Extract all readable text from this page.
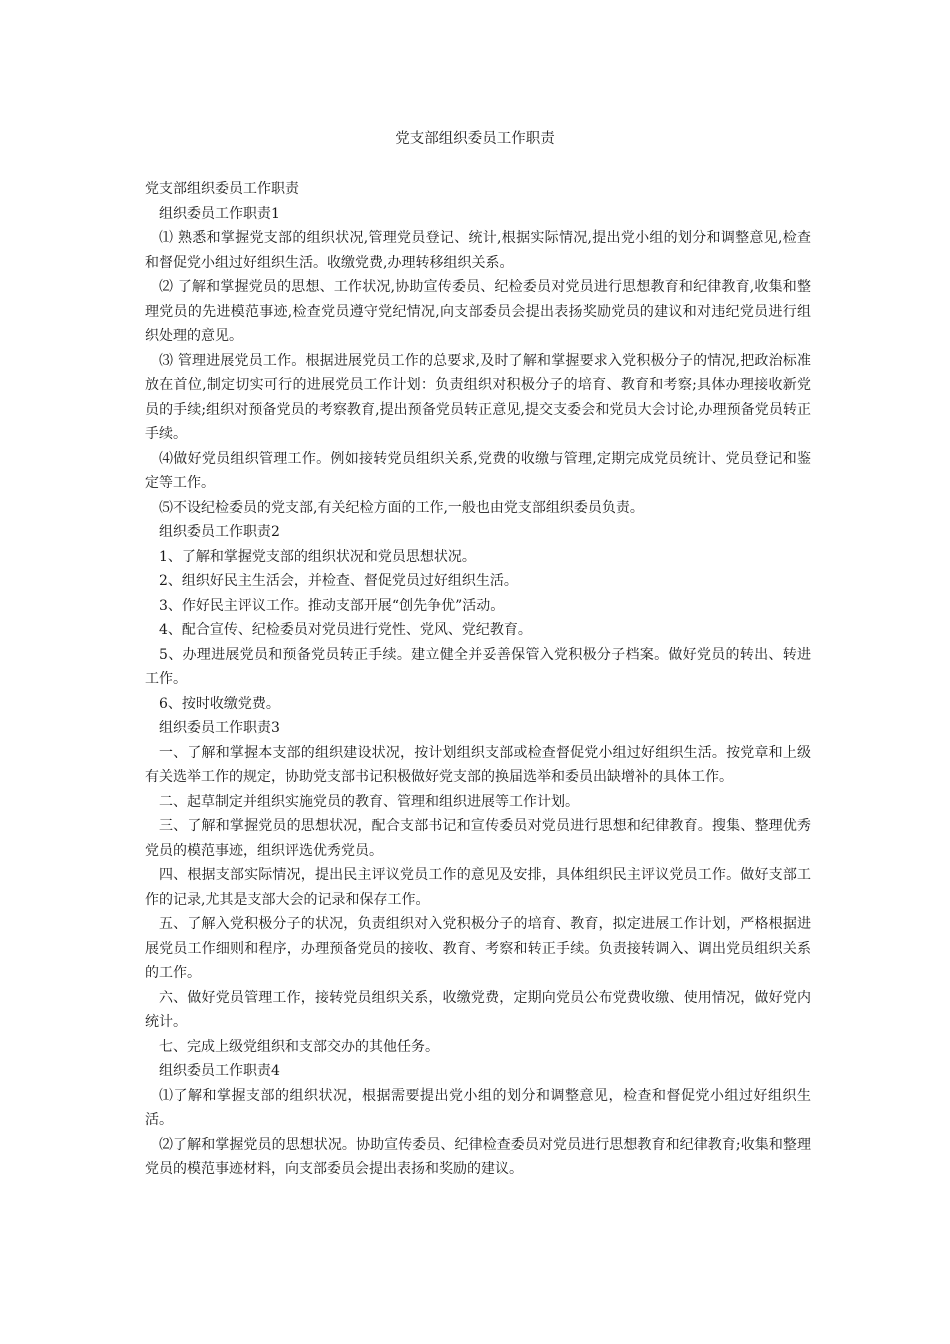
党支部组织委员工作职责

党支部组织委员工作职责

组织委员工作职责1

⑴ 熟悉和掌握党支部的组织状况,管理党员登记、统计,根据实际情况,提出党小组的划分和调整意见,检查和督促党小组过好组织生活。收缴党费,办理转移组织关系。

⑵ 了解和掌握党员的思想、工作状况,协助宣传委员、纪检委员对党员进行思想教育和纪律教育,收集和整理党员的先进模范事迹,检查党员遵守党纪情况,向支部委员会提出表扬奖励党员的建议和对违纪党员进行组织处理的意见。

⑶ 管理进展党员工作。根据进展党员工作的总要求,及时了解和掌握要求入党积极分子的情况,把政治标准放在首位,制定切实可行的进展党员工作计划：负责组织对积极分子的培育、教育和考察;具体办理接收新党员的手续;组织对预备党员的考察教育,提出预备党员转正意见,提交支委会和党员大会讨论,办理预备党员转正手续。

⑷做好党员组织管理工作。例如接转党员组织关系,党费的收缴与管理,定期完成党员统计、党员登记和鉴定等工作。

⑸不设纪检委员的党支部,有关纪检方面的工作,一般也由党支部组织委员负责。

组织委员工作职责2

1、了解和掌握党支部的组织状况和党员思想状况。

2、组织好民主生活会，并检查、督促党员过好组织生活。

3、作好民主评议工作。推动支部开展“创先争优”活动。

4、配合宣传、纪检委员对党员进行党性、党风、党纪教育。

5、办理进展党员和预备党员转正手续。建立健全并妥善保管入党积极分子档案。做好党员的转出、转进工作。

6、按时收缴党费。

组织委员工作职责3

一、了解和掌握本支部的组织建设状况，按计划组织支部或检查督促党小组过好组织生活。按党章和上级有关选举工作的规定，协助党支部书记积极做好党支部的换届选举和委员出缺增补的具体工作。

二、起草制定并组织实施党员的教育、管理和组织进展等工作计划。

三、了解和掌握党员的思想状况，配合支部书记和宣传委员对党员进行思想和纪律教育。搜集、整理优秀党员的模范事迹，组织评选优秀党员。

四、根据支部实际情况，提出民主评议党员工作的意见及安排，具体组织民主评议党员工作。做好支部工作的记录,尤其是支部大会的记录和保存工作。

五、了解入党积极分子的状况，负责组织对入党积极分子的培育、教育，拟定进展工作计划，严格根据进展党员工作细则和程序，办理预备党员的接收、教育、考察和转正手续。负责接转调入、调出党员组织关系的工作。

六、做好党员管理工作，接转党员组织关系，收缴党费，定期向党员公布党费收缴、使用情况，做好党内统计。

七、完成上级党组织和支部交办的其他任务。

组织委员工作职责4

⑴了解和掌握支部的组织状况，根据需要提出党小组的划分和调整意见，检查和督促党小组过好组织生活。

⑵了解和掌握党员的思想状况。协助宣传委员、纪律检查委员对党员进行思想教育和纪律教育;收集和整理党员的模范事迹材料，向支部委员会提出表扬和奖励的建议。
